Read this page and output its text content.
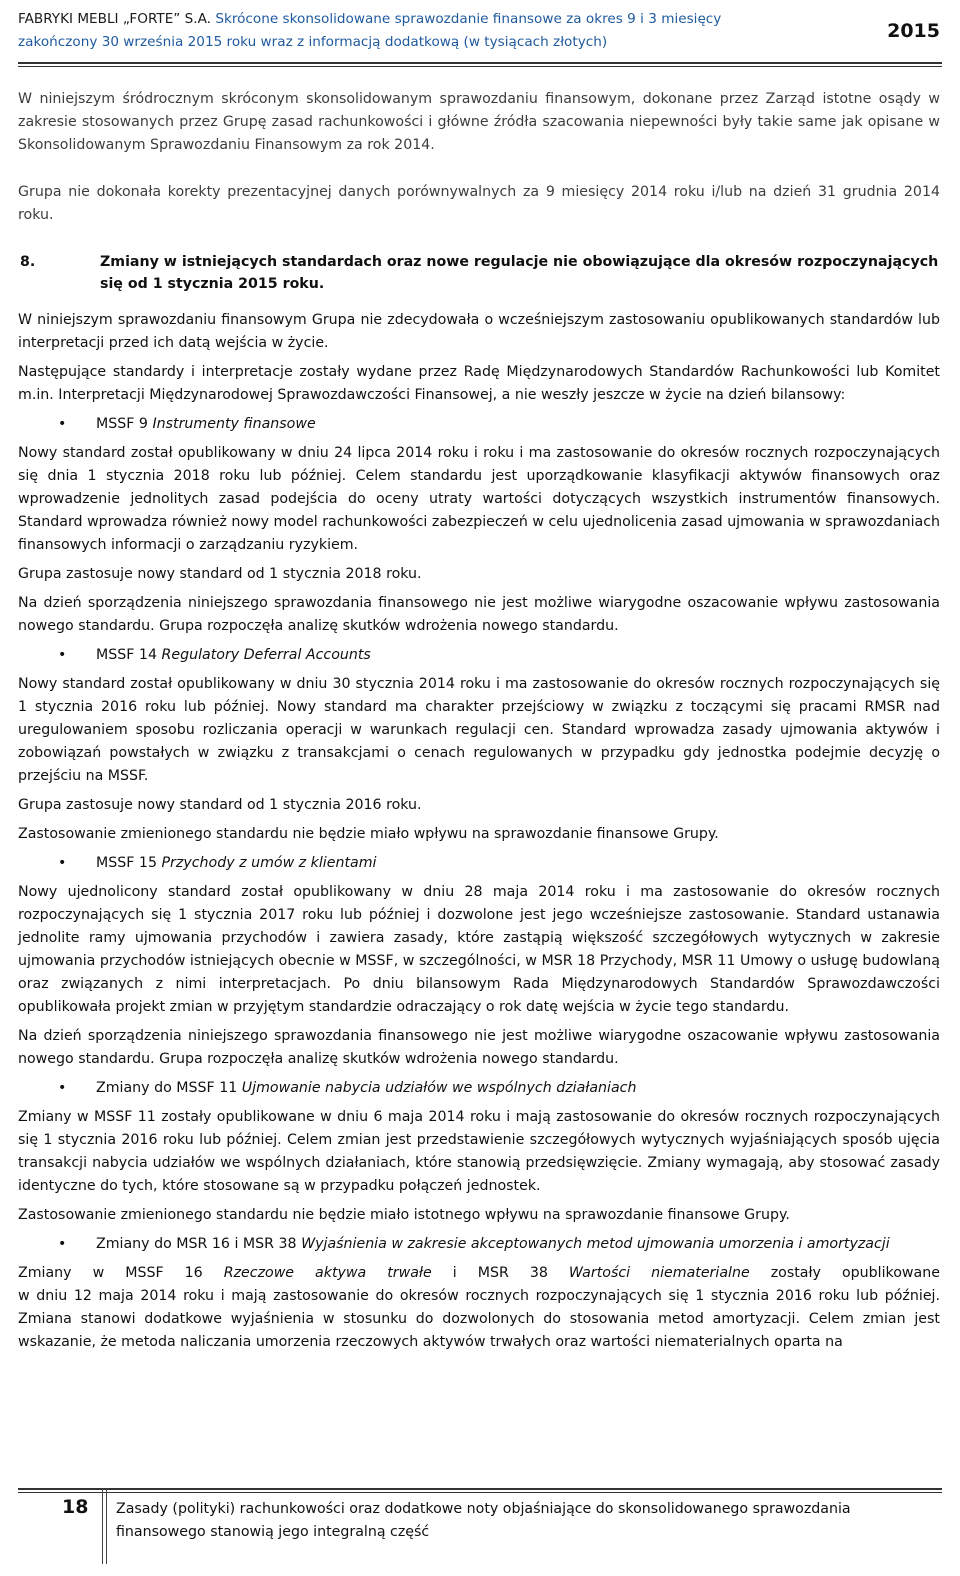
FABRYKI MEBLI „FORTE” S.A. Skrócone skonsolidowane sprawozdanie finansowe za okres 9 i 3 miesięcy
zakończony 30 września 2015 roku wraz z informacją dodatkową (w tysiącach złotych)	2015

W niniejszym śródrocznym skróconym skonsolidowanym sprawozdaniu finansowym, dokonane przez Zarząd istotne osądy w zakresie stosowanych przez Grupę zasad rachunkowości i główne źródła szacowania niepewności były takie same jak opisane w Skonsolidowanym Sprawozdaniu Finansowym za rok 2014.

Grupa nie dokonała korekty prezentacyjnej danych porównywalnych za 9 miesięcy 2014 roku i/lub na dzień 31 grudnia 2014 roku.

8.	Zmiany w istniejących standardach oraz nowe regulacje nie obowiązujące dla okresów rozpoczynających się od 1 stycznia 2015 roku.

W niniejszym sprawozdaniu finansowym Grupa nie zdecydowała o wcześniejszym zastosowaniu opublikowanych standardów lub interpretacji przed ich datą wejścia w życie.

Następujące standardy i interpretacje zostały wydane przez Radę Międzynarodowych Standardów Rachunkowości lub Komitet m.in. Interpretacji Międzynarodowej Sprawozdawczości Finansowej, a nie weszły jeszcze w życie na dzień bilansowy:

•	MSSF 9 Instrumenty finansowe

Nowy standard został opublikowany w dniu 24 lipca 2014 roku i roku i ma zastosowanie do okresów rocznych rozpoczynających się dnia 1 stycznia 2018 roku lub później. Celem standardu jest uporządkowanie klasyfikacji aktywów finansowych oraz wprowadzenie jednolitych zasad podejścia do oceny utraty wartości dotyczących wszystkich instrumentów finansowych. Standard wprowadza również nowy model rachunkowości zabezpieczeń w celu ujednolicenia zasad ujmowania w sprawozdaniach finansowych informacji o zarządzaniu ryzykiem.

Grupa zastosuje nowy standard od 1 stycznia 2018 roku.

Na dzień sporządzenia niniejszego sprawozdania finansowego nie jest możliwe wiarygodne oszacowanie wpływu zastosowania nowego standardu. Grupa rozpoczęła analizę skutków wdrożenia nowego standardu.

•	MSSF 14 Regulatory Deferral Accounts

Nowy standard został opublikowany w dniu 30 stycznia 2014 roku i ma zastosowanie do okresów rocznych rozpoczynających się 1 stycznia 2016 roku lub później. Nowy standard ma charakter przejściowy w związku z toczącymi się pracami RMSR nad uregulowaniem sposobu rozliczania operacji w warunkach regulacji cen. Standard wprowadza zasady ujmowania aktywów i zobowiązań powstałych w związku z transakcjami o cenach regulowanych w przypadku gdy jednostka podejmie decyzję o przejściu na MSSF.

Grupa zastosuje nowy standard od 1 stycznia 2016 roku.

Zastosowanie zmienionego standardu nie będzie miało wpływu na sprawozdanie finansowe Grupy.

•	MSSF 15 Przychody z umów z klientami

Nowy ujednolicony standard został opublikowany w dniu 28 maja 2014 roku i ma zastosowanie do okresów rocznych rozpoczynających się 1 stycznia 2017 roku lub później i dozwolone jest jego wcześniejsze zastosowanie. Standard ustanawia jednolite ramy ujmowania przychodów i zawiera zasady, które zastąpią większość szczegółowych wytycznych w zakresie ujmowania przychodów istniejących obecnie w MSSF, w szczególności, w MSR 18 Przychody, MSR 11 Umowy o usługę budowlaną oraz związanych z nimi interpretacjach. Po dniu bilansowym Rada Międzynarodowych Standardów Sprawozdawczości opublikowała projekt zmian w przyjętym standardzie odraczający o rok datę wejścia w życie tego standardu.

Na dzień sporządzenia niniejszego sprawozdania finansowego nie jest możliwe wiarygodne oszacowanie wpływu zastosowania nowego standardu. Grupa rozpoczęła analizę skutków wdrożenia nowego standardu.

•	Zmiany do MSSF 11 Ujmowanie nabycia udziałów we wspólnych działaniach

Zmiany w MSSF 11 zostały opublikowane w dniu 6 maja 2014 roku i mają zastosowanie do okresów rocznych rozpoczynających się 1 stycznia 2016 roku lub później. Celem zmian jest przedstawienie szczegółowych wytycznych wyjaśniających sposób ujęcia transakcji nabycia udziałów we wspólnych działaniach, które stanowią przedsięwzięcie. Zmiany wymagają, aby stosować zasady identyczne do tych, które stosowane są w przypadku połączeń jednostek.

Zastosowanie zmienionego standardu nie będzie miało istotnego wpływu na sprawozdanie finansowe Grupy.

•	Zmiany do MSR 16 i MSR 38 Wyjaśnienia w zakresie akceptowanych metod ujmowania umorzenia i amortyzacji
Zmiany w MSSF 16 Rzeczowe aktywa trwałe i MSR 38 Wartości niematerialne zostały opublikowane

w dniu 12 maja 2014 roku i mają zastosowanie do okresów rocznych rozpoczynających się 1 stycznia 2016 roku lub później. Zmiana stanowi dodatkowe wyjaśnienia w stosunku do dozwolonych do stosowania metod amortyzacji. Celem zmian jest wskazanie, że metoda naliczania umorzenia rzeczowych aktywów trwałych oraz wartości niematerialnych oparta na

18 Zasady (polityki) rachunkowości oraz dodatkowe noty objaśniające do skonsolidowanego sprawozdania finansowego stanowią jego integralną część
